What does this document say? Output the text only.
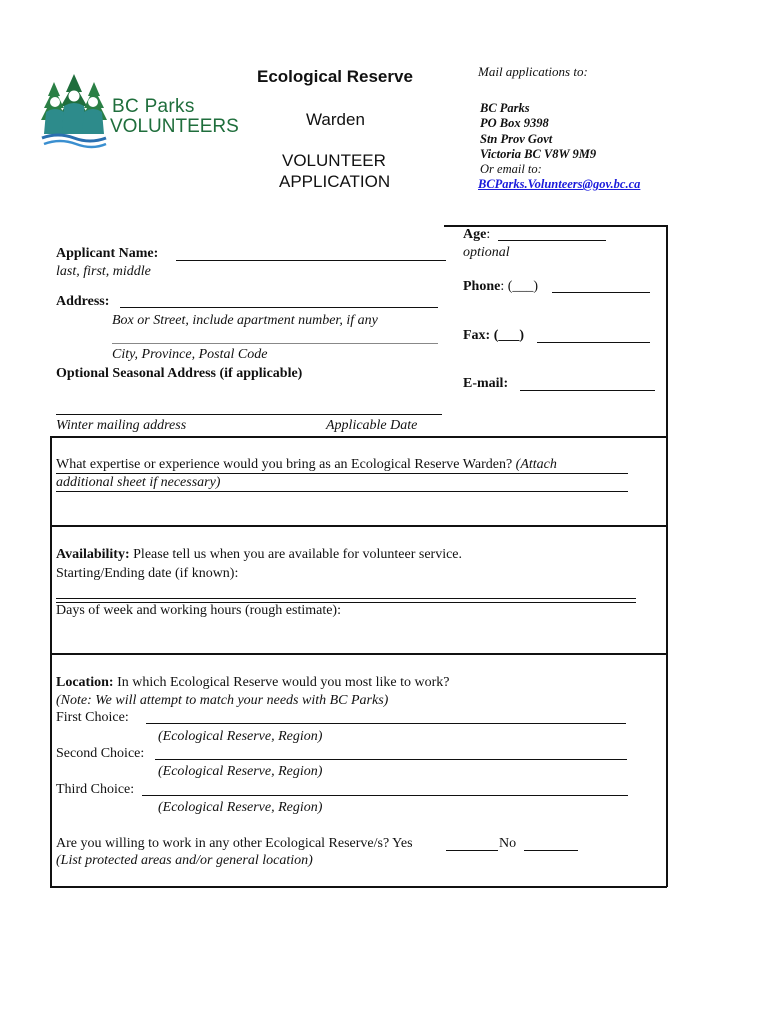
BC Parks
VOLUNTEERS
Ecological Reserve
Warden
VOLUNTEER
APPLICATION
Mail applications to:
BC Parks
PO Box 9398
Stn Prov Govt
Victoria BC V8W 9M9
Or email to:
BCParks.Volunteers@gov.bc.ca
Applicant Name:
last, first, middle
Address:
Box or Street, include apartment number, if any
City, Province, Postal Code
Optional Seasonal Address (if applicable)
Winter mailing address	Applicable Date
Age:
optional
Phone: (___)
Fax: (___)
E-mail:
What expertise or experience would you bring as an Ecological Reserve Warden? (Attach
additional sheet if necessary)
Availability: Please tell us when you are available for volunteer service.
Starting/Ending date (if known):
Days of week and working hours (rough estimate):
Location: In which Ecological Reserve would you most like to work?
(Note: We will attempt to match your needs with BC Parks)
First Choice:
(Ecological Reserve, Region)
Second Choice:
(Ecological Reserve, Region)
Third Choice:
(Ecological Reserve, Region)
Are you willing to work in any other Ecological Reserve/s? Yes	No
(List protected areas and/or general location)
